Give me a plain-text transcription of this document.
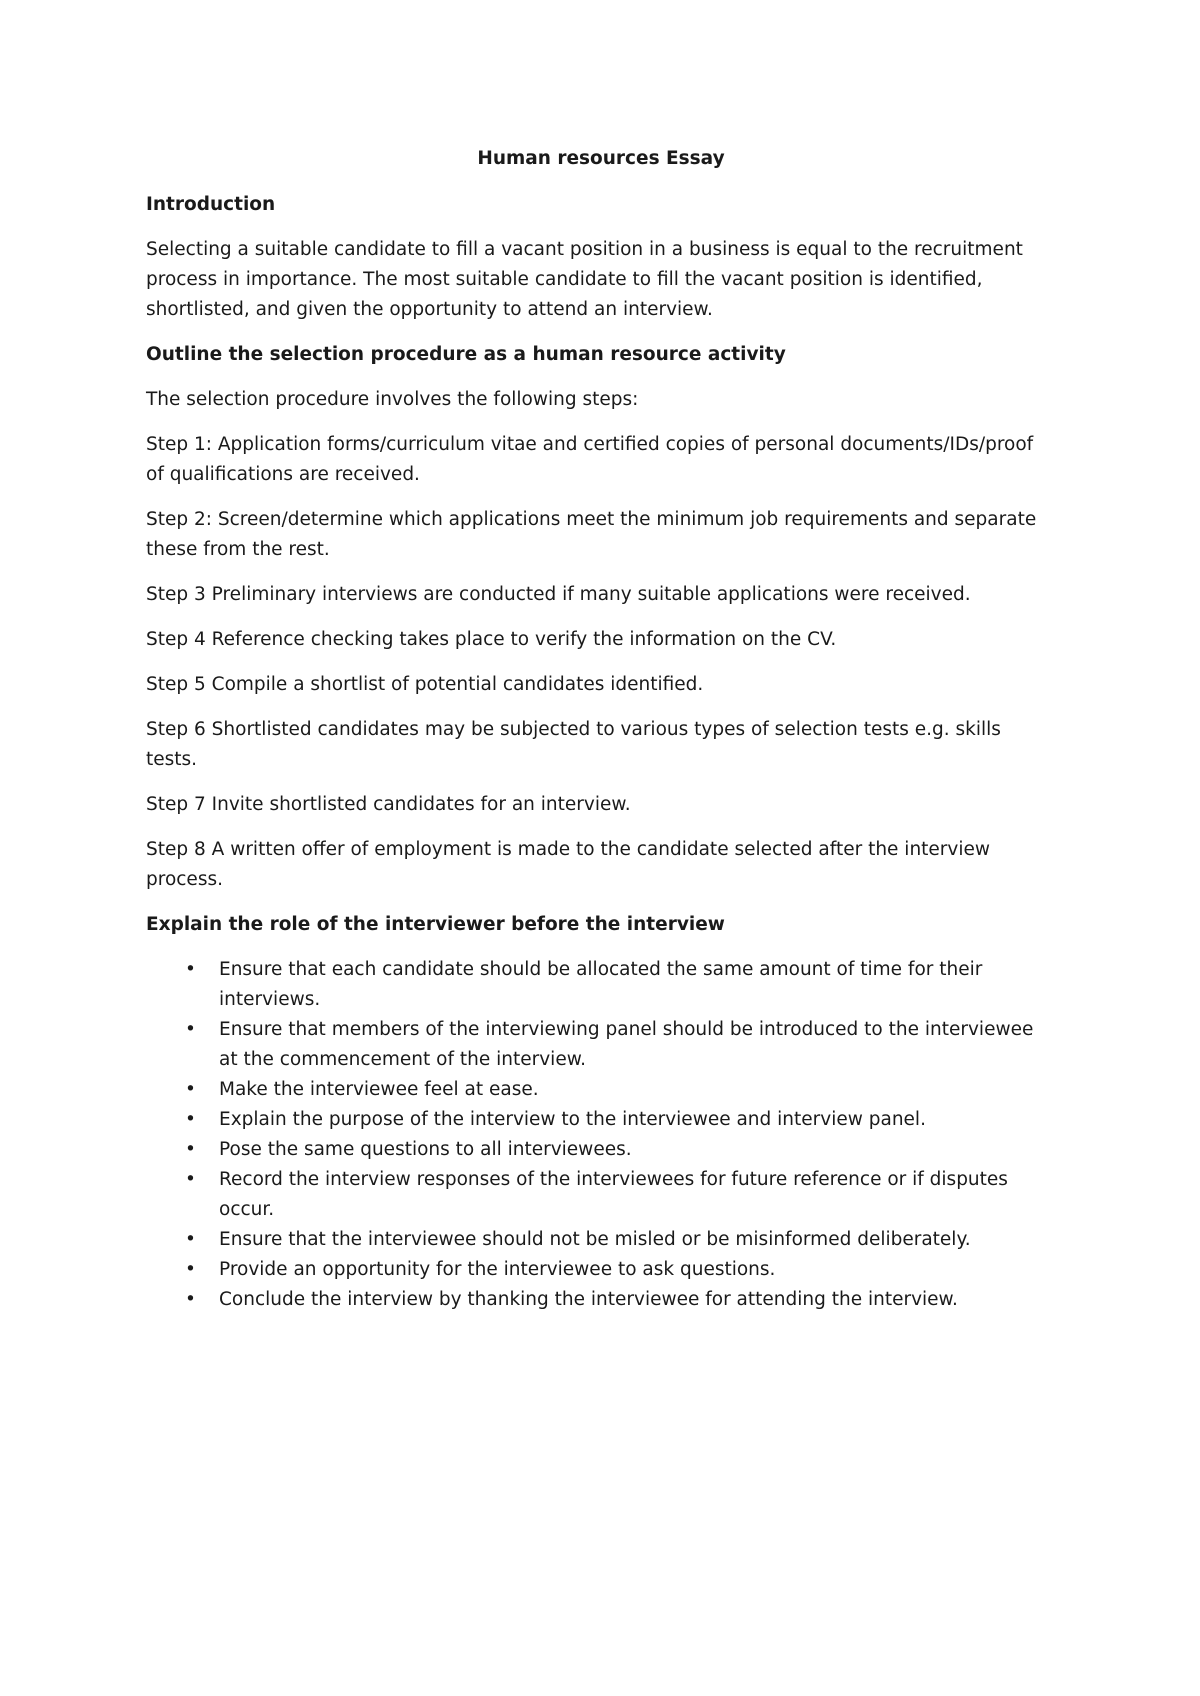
Human resources Essay
Introduction
Selecting a suitable candidate to fill a vacant position in a business is equal to the recruitment process in importance. The most suitable candidate to fill the vacant position is identified, shortlisted, and given the opportunity to attend an interview.
Outline the selection procedure as a human resource activity
The selection procedure involves the following steps:
Step 1: Application forms/curriculum vitae and certified copies of personal documents/IDs/proof of qualifications are received.
Step 2: Screen/determine which applications meet the minimum job requirements and separate these from the rest.
Step 3 Preliminary interviews are conducted if many suitable applications were received.
Step 4 Reference checking takes place to verify the information on the CV.
Step 5 Compile a shortlist of potential candidates identified.
Step 6 Shortlisted candidates may be subjected to various types of selection tests e.g. skills tests.
Step 7 Invite shortlisted candidates for an interview.
Step 8 A written offer of employment is made to the candidate selected after the interview process.
Explain the role of the interviewer before the interview
• Ensure that each candidate should be allocated the same amount of time for their interviews.
• Ensure that members of the interviewing panel should be introduced to the interviewee at the commencement of the interview.
• Make the interviewee feel at ease.
• Explain the purpose of the interview to the interviewee and interview panel.
• Pose the same questions to all interviewees.
• Record the interview responses of the interviewees for future reference or if disputes occur.
• Ensure that the interviewee should not be misled or be misinformed deliberately.
• Provide an opportunity for the interviewee to ask questions.
• Conclude the interview by thanking the interviewee for attending the interview.
